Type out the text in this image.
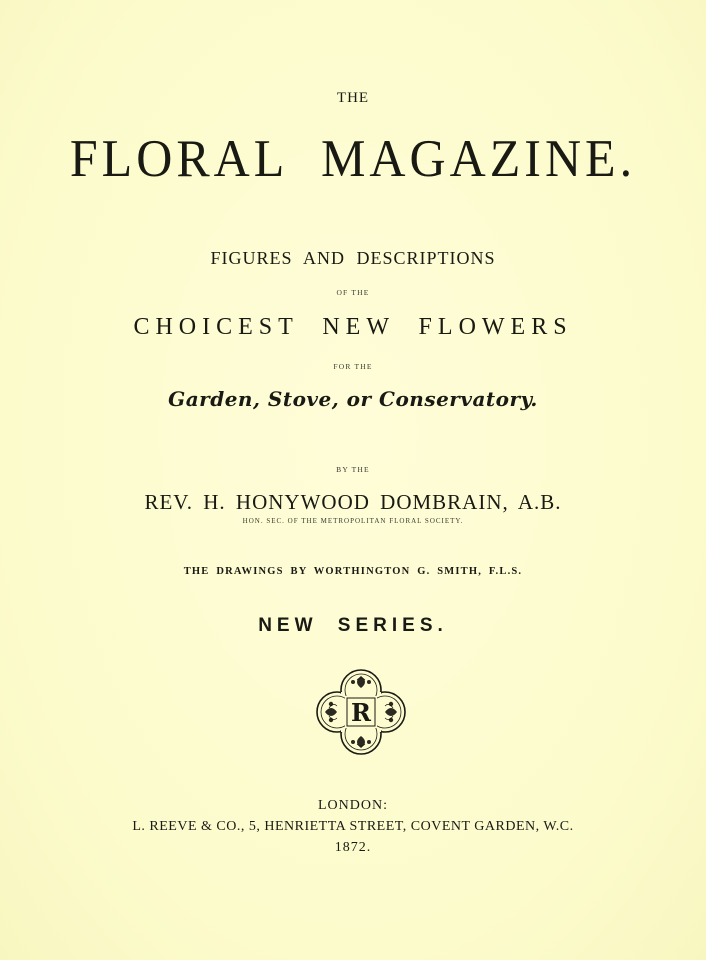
THE
FLORAL MAGAZINE.
FIGURES AND DESCRIPTIONS
OF THE
CHOICEST NEW FLOWERS
FOR THE
Garden, Stove, or Conservatory.
BY THE
REV. H. HONYWOOD DOMBRAIN, A.B.
HON. SEC. OF THE METROPOLITAN FLORAL SOCIETY.
THE DRAWINGS BY WORTHINGTON G. SMITH, F.L.S.
NEW SERIES.
R
LONDON:
L. REEVE & CO., 5, HENRIETTA STREET, COVENT GARDEN, W.C.
1872.
